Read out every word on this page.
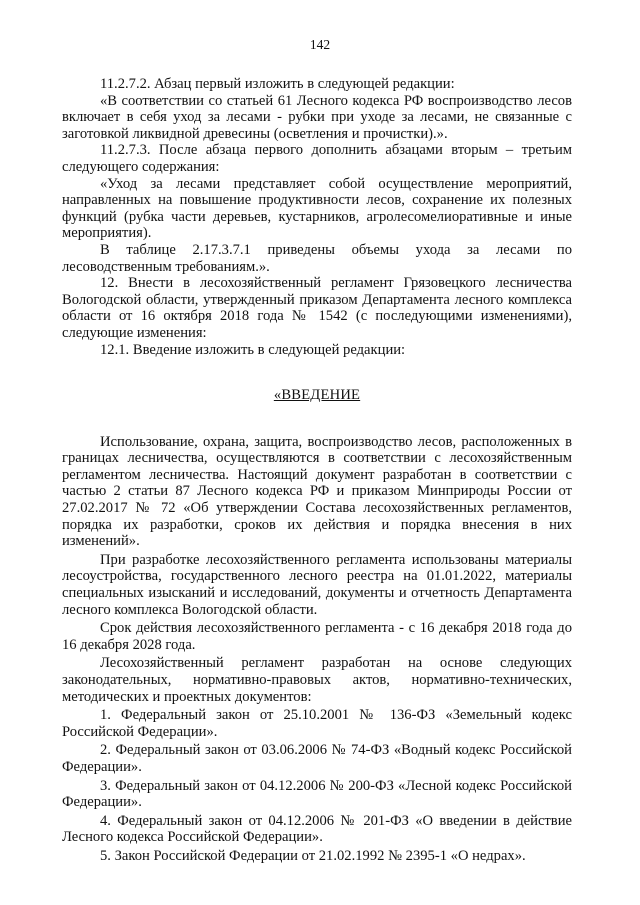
142

11.2.7.2. Абзац первый изложить в следующей редакции:

«В соответствии со статьей 61 Лесного кодекса РФ воспроизводство лесов включает в себя уход за лесами - рубки при уходе за лесами, не связанные с заготовкой ликвидной древесины (осветления и прочистки).».

11.2.7.3. После абзаца первого дополнить абзацами вторым – третьим следующего содержания:

«Уход за лесами представляет собой осуществление мероприятий, направленных на повышение продуктивности лесов, сохранение их полезных функций (рубка части деревьев, кустарников, агролесомелиоративные и иные мероприятия).

В таблице 2.17.3.7.1 приведены объемы ухода за лесами по лесоводственным требованиям.».

12. Внести в лесохозяйственный регламент Грязовецкого лесничества Вологодской области, утвержденный приказом Департамента лесного комплекса области от 16 октября 2018 года № 1542 (с последующими изменениями), следующие изменения:

12.1. Введение изложить в следующей редакции:

«ВВЕДЕНИЕ

Использование, охрана, защита, воспроизводство лесов, расположенных в границах лесничества, осуществляются в соответствии с лесохозяйственным регламентом лесничества. Настоящий документ разработан в соответствии с частью 2 статьи 87 Лесного кодекса РФ и приказом Минприроды России от 27.02.2017 № 72 «Об утверждении Состава лесохозяйственных регламентов, порядка их разработки, сроков их действия и порядка внесения в них изменений».

При разработке лесохозяйственного регламента использованы материалы лесоустройства, государственного лесного реестра на 01.01.2022, материалы специальных изысканий и исследований, документы и отчетность Департамента лесного комплекса Вологодской области.

Срок действия лесохозяйственного регламента - с 16 декабря 2018 года до 16 декабря 2028 года.

Лесохозяйственный регламент разработан на основе следующих законодательных, нормативно-правовых актов, нормативно-технических, методических и проектных документов:

1. Федеральный закон от 25.10.2001 № 136-ФЗ «Земельный кодекс Российской Федерации».

2. Федеральный закон от 03.06.2006 № 74-ФЗ «Водный кодекс Российской Федерации».

3. Федеральный закон от 04.12.2006 № 200-ФЗ «Лесной кодекс Российской Федерации».

4. Федеральный закон от 04.12.2006 № 201-ФЗ «О введении в действие Лесного кодекса Российской Федерации».

5. Закон Российской Федерации от 21.02.1992 № 2395-1 «О недрах».
